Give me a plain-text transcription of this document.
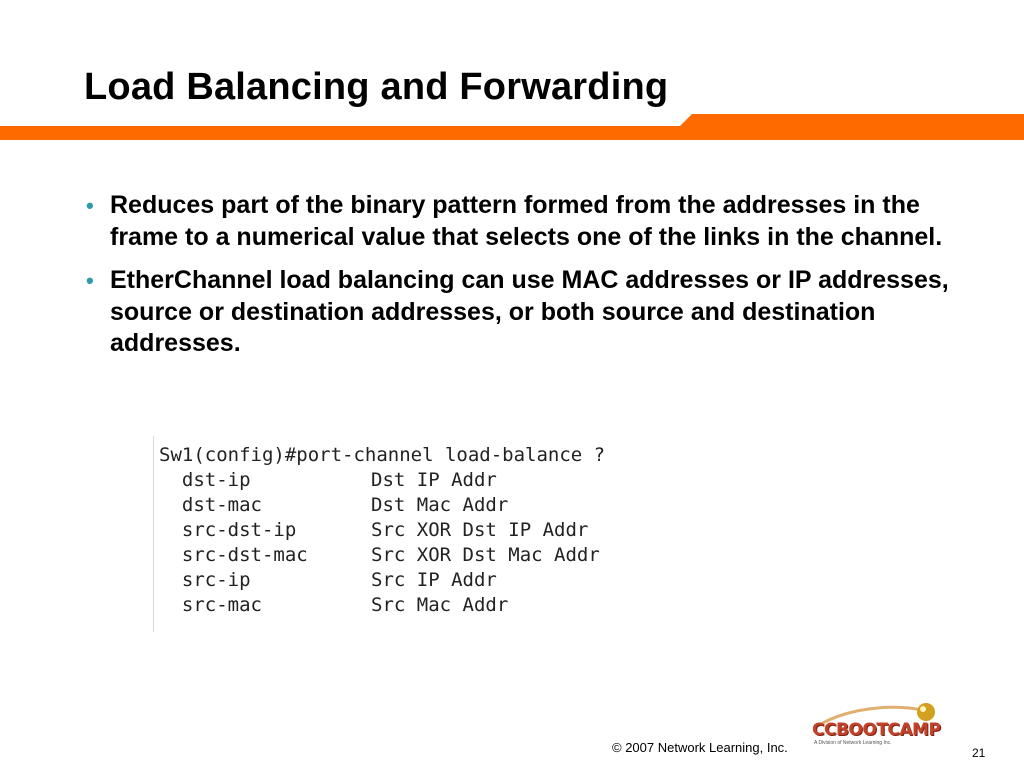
Load Balancing and Forwarding
• Reduces part of the binary pattern formed from the addresses in the frame to a numerical value that selects one of the links in the channel.
• EtherChannel load balancing can use MAC addresses or IP addresses, source or destination addresses, or both source and destination addresses.
Sw1(config)#port-channel load-balance ?
dst-ip	Dst IP Addr
dst-mac	Dst Mac Addr
src-dst-ip	Src XOR Dst IP Addr
src-dst-mac	Src XOR Dst Mac Addr
src-ip	Src IP Addr
src-mac	Src Mac Addr
© 2007 Network Learning, Inc.
CCBOOTCAMP
A Division of Network Learning Inc.
21
